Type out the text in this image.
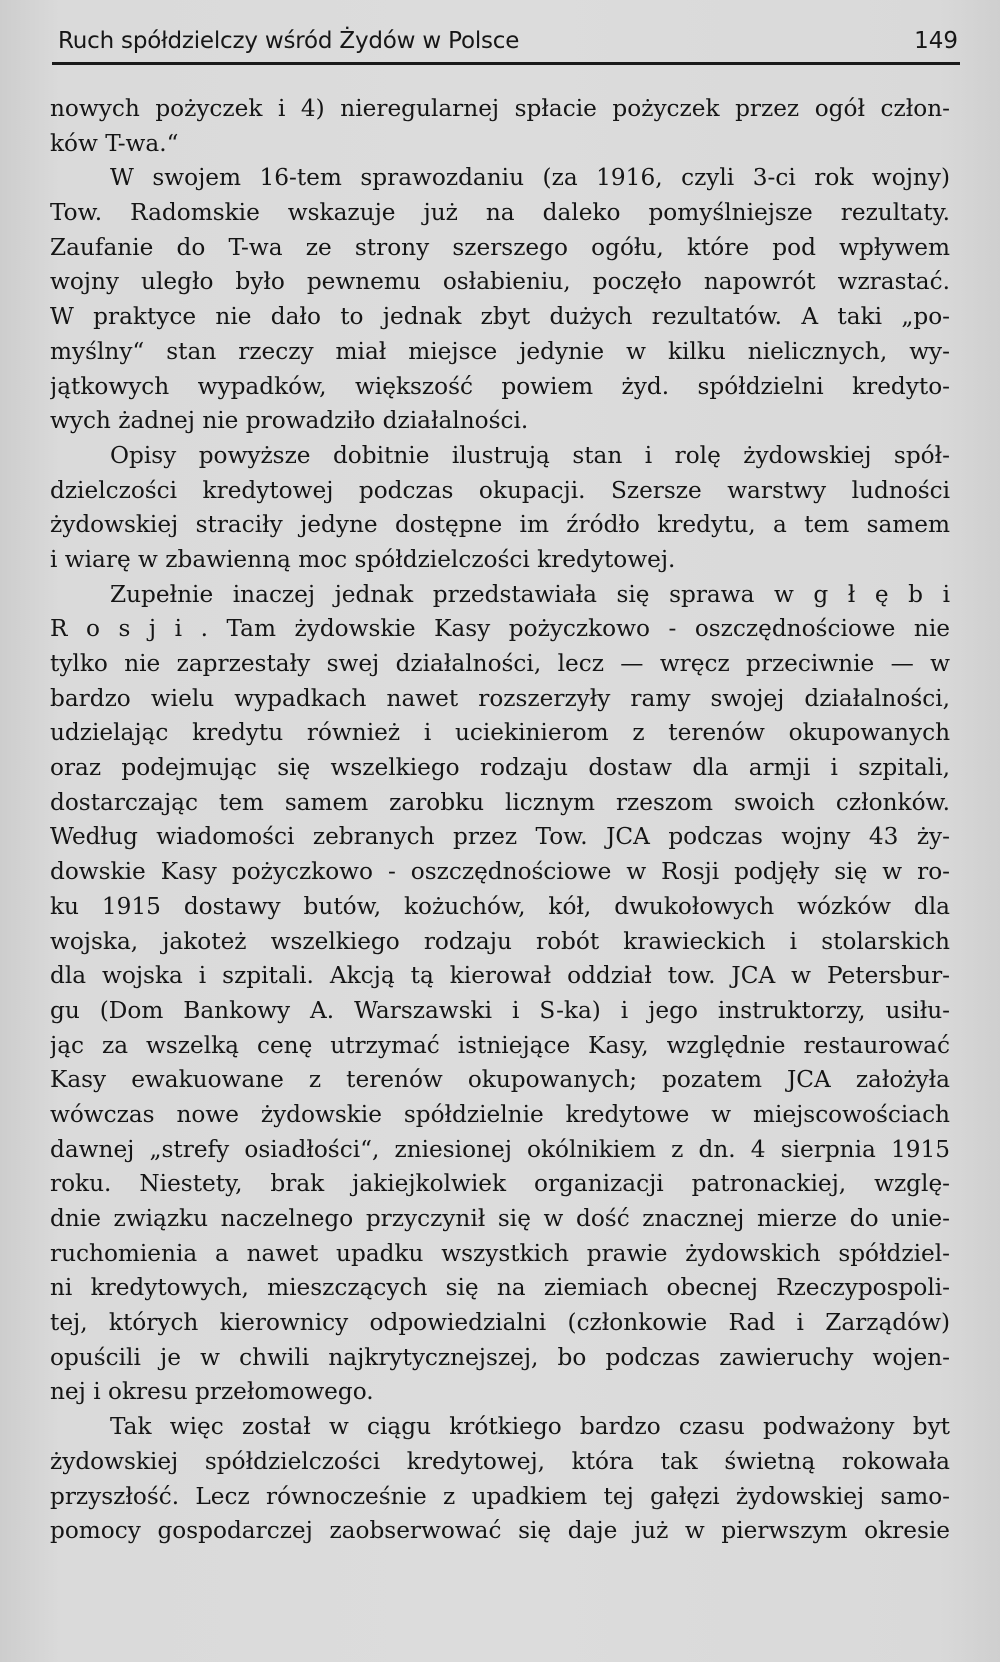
Ruch spółdzielczy wśród Żydów w Polsce	149
nowych pożyczek i 4) nieregularnej spłacie pożyczek przez ogół człon-
ków T-wa.“
W swojem 16-tem sprawozdaniu (za 1916, czyli 3-ci rok wojny)
Tow. Radomskie wskazuje już na daleko pomyślniejsze rezultaty.
Zaufanie do T-wa ze strony szerszego ogółu, które pod wpływem
wojny uległo było pewnemu osłabieniu, poczęło napowrót wzrastać.
W praktyce nie dało to jednak zbyt dużych rezultatów. A taki „po-
myślny“ stan rzeczy miał miejsce jedynie w kilku nielicznych, wy-
jątkowych wypadków, większość powiem żyd. spółdzielni kredyto-
wych żadnej nie prowadziło działalności.
Opisy powyższe dobitnie ilustrują stan i rolę żydowskiej spół-
dzielczości kredytowej podczas okupacji. Szersze warstwy ludności
żydowskiej straciły jedyne dostępne im źródło kredytu, a tem samem
i wiarę w zbawienną moc spółdzielczości kredytowej.
Zupełnie inaczej jednak przedstawiała się sprawa w g ł ę b i
R o s j i . Tam żydowskie Kasy pożyczkowo - oszczędnościowe nie
tylko nie zaprzestały swej działalności, lecz — wręcz przeciwnie — w
bardzo wielu wypadkach nawet rozszerzyły ramy swojej działalności,
udzielając kredytu również i uciekinierom z terenów okupowanych
oraz podejmując się wszelkiego rodzaju dostaw dla armji i szpitali,
dostarczając tem samem zarobku licznym rzeszom swoich członków.
Według wiadomości zebranych przez Tow. JCA podczas wojny 43 ży-
dowskie Kasy pożyczkowo - oszczędnościowe w Rosji podjęły się w ro-
ku 1915 dostawy butów, kożuchów, kół, dwukołowych wózków dla
wojska, jakoteż wszelkiego rodzaju robót krawieckich i stolarskich
dla wojska i szpitali. Akcją tą kierował oddział tow. JCA w Petersbur-
gu (Dom Bankowy A. Warszawski i S-ka) i jego instruktorzy, usiłu-
jąc za wszelką cenę utrzymać istniejące Kasy, względnie restaurować
Kasy ewakuowane z terenów okupowanych; pozatem JCA założyła
wówczas nowe żydowskie spółdzielnie kredytowe w miejscowościach
dawnej „strefy osiadłości“, zniesionej okólnikiem z dn. 4 sierpnia 1915
roku. Niestety, brak jakiejkolwiek organizacji patronackiej, wzglę-
dnie związku naczelnego przyczynił się w dość znacznej mierze do unie-
ruchomienia a nawet upadku wszystkich prawie żydowskich spółdziel-
ni kredytowych, mieszczących się na ziemiach obecnej Rzeczypospoli-
tej, których kierownicy odpowiedzialni (członkowie Rad i Zarządów)
opuścili je w chwili najkrytycznejszej, bo podczas zawieruchy wojen-
nej i okresu przełomowego.
Tak więc został w ciągu krótkiego bardzo czasu podważony byt
żydowskiej spółdzielczości kredytowej, która tak świetną rokowała
przyszłość. Lecz równocześnie z upadkiem tej gałęzi żydowskiej samo-
pomocy gospodarczej zaobserwować się daje już w pierwszym okresie
